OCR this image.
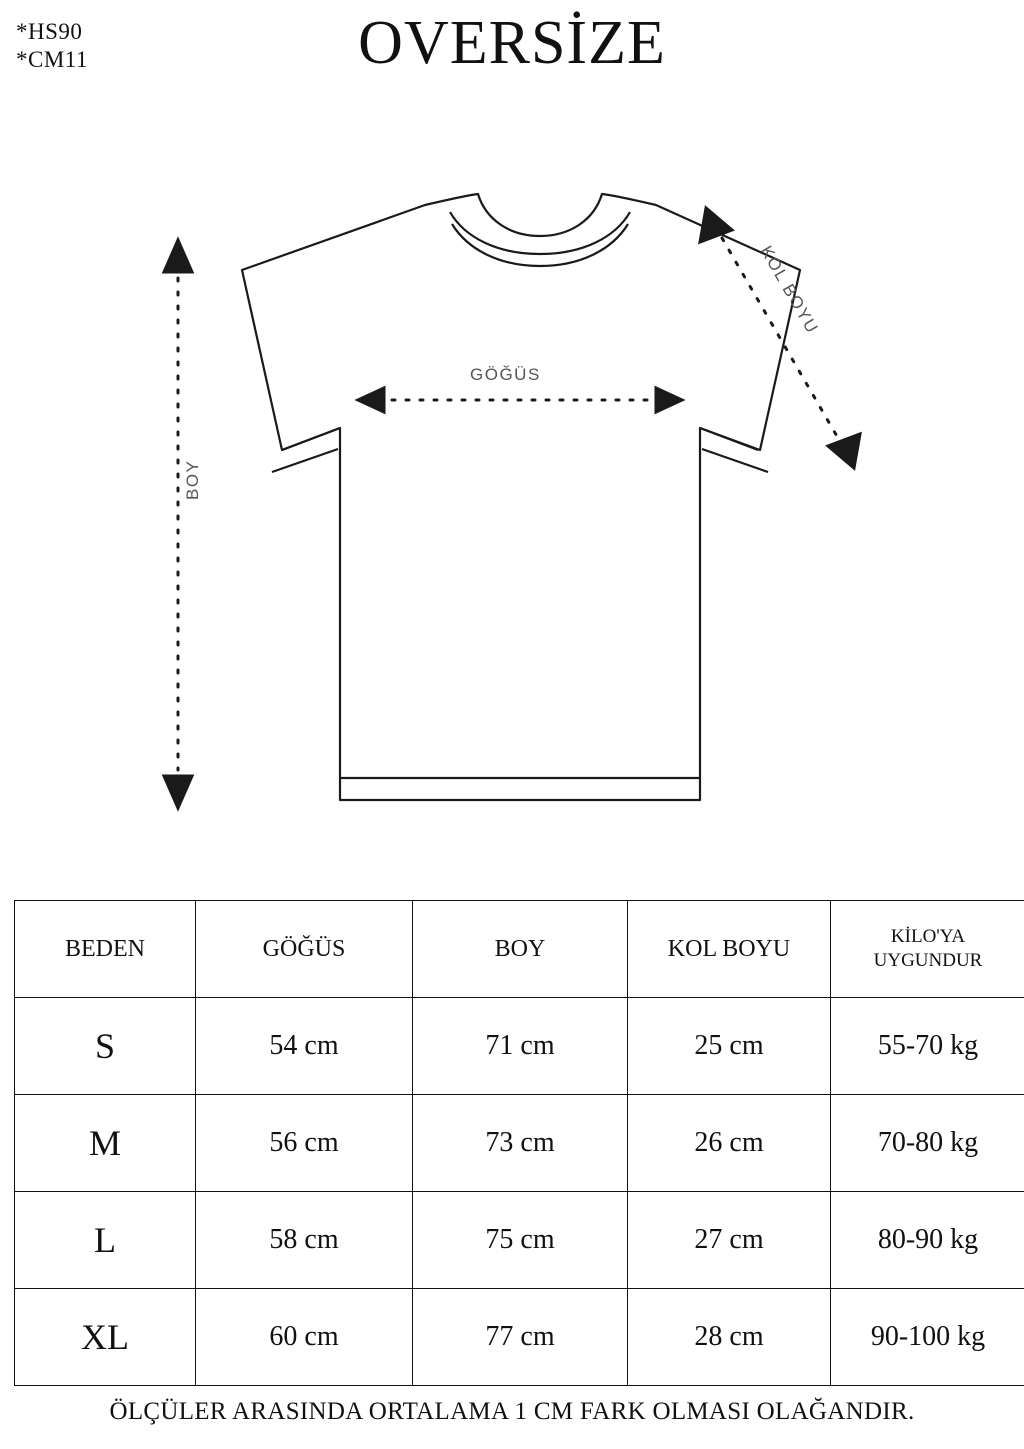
*HS90
*CM11	OVERSİZE
GÖĞÜS
BOY
KOL BOYU
BEDEN	GÖĞÜS	BOY	KOL BOYU	KİLO'YA
UYGUNDUR

S	54 cm	71 cm	25 cm	55-70 kg
M	56 cm	73 cm	26 cm	70-80 kg
L	58 cm	75 cm	27 cm	80-90 kg
XL	60 cm	77 cm	28 cm	90-100 kg
ÖLÇÜLER ARASINDA ORTALAMA 1 CM FARK OLMASI OLAĞANDIR.
